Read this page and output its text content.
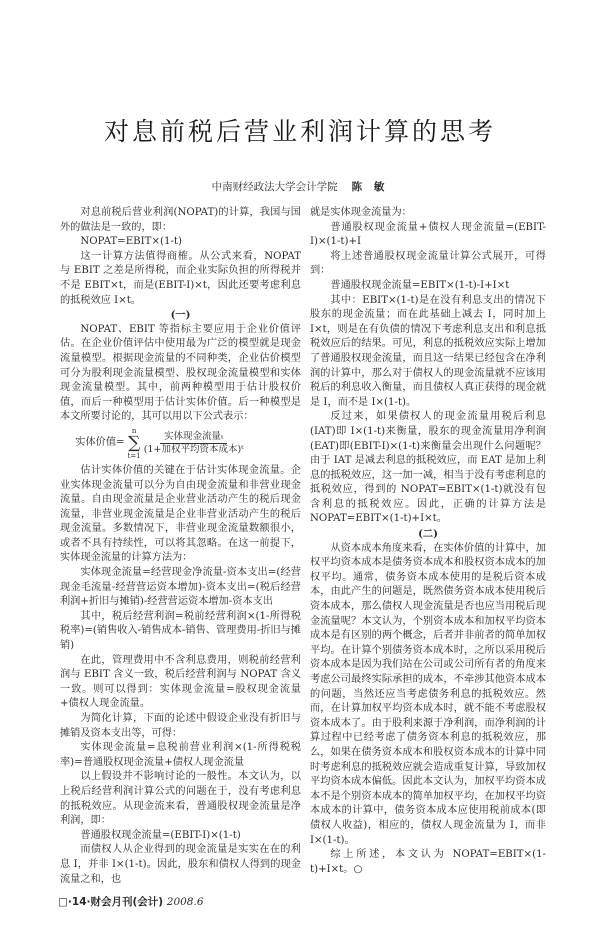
对息前税后营业利润计算的思考
中南财经政法大学会计学院 陈 敏

对息前税后营业利润(NOPAT)的计算，我国与国外的做法是一致的，即：

NOPAT=EBIT×(1-t)

这一计算方法值得商榷。从公式来看，NOPAT 与 EBIT 之差是所得税，而企业实际负担的所得税并不是 EBIT×t，而是(EBIT-I)×t，因此还要考虑利息的抵税效应 I×t。

(一)

NOPAT、EBIT 等指标主要应用于企业价值评估。在企业价值评估中使用最为广泛的模型就是现金流量模型。根据现金流量的不同种类，企业估价模型可分为股利现金流量模型、股权现金流量模型和实体现金流量模型。其中，前两种模型用于估计股权价值，而后一种模型用于估计实体价值。后一种模型是本文所要讨论的，其可以用以下公式表示：

实体价值=
n
∑
$t=1 \frac{\text{实体现金流量ₜ}}{\text{(1+加权平均资本成本)ᵗ}}$

估计实体价值的关键在于估计实体现金流量。企业实体现金流量可以分为自由现金流量和非营业现金流量。自由现金流量是企业营业活动产生的税后现金流量，非营业现金流量是企业非营业活动产生的税后现金流量。多数情况下，非营业现金流量数额很小，或者不具有持续性，可以将其忽略。在这一前提下，实体现金流量的计算方法为：

实体现金流量=经营现金净流量-资本支出=(经营现金毛流量-经营营运资本增加)-资本支出=(税后经营利润+折旧与摊销)-经营营运资本增加-资本支出

其中，税后经营利润=税前经营利润×(1-所得税税率)=(销售收入-销售成本-销售、管理费用-折旧与摊销)

在此，管理费用中不含利息费用，则税前经营利润与 EBIT 含义一致，税后经营利润与 NOPAT 含义一致。则可以得到：实体现金流量=股权现金流量+债权人现金流量。

为简化计算，下面的论述中假设企业没有折旧与摊销及资本支出等，可得：

实体现金流量=息税前营业利润×(1-所得税税率)=普通股权现金流量+债权人现金流量

以上假设并不影响讨论的一般性。本文认为，以上税后经营利润计算公式的问题在于，没有考虑利息的抵税效应。从现金流来看，普通股权现金流量是净利润，即：

普通股权现金流量=(EBIT-I)×(1-t)

而债权人从企业得到的现金流量是实实在在的利息 I，并非 I×(1-t)。因此，股东和债权人得到的现金流量之和，也

就是实体现金流量为：

普通股权现金流量+债权人现金流量=(EBIT-I)×(1-t)+I

将上述普通股权现金流量计算公式展开，可得到：

普通股权现金流量=EBIT×(1-t)-I+I×t

其中：EBIT×(1-t)是在没有利息支出的情况下股东的现金流量；而在此基础上减去 I，同时加上 I×t，则是在有负债的情况下考虑利息支出和利息抵税效应后的结果。可见，利息的抵税效应实际上增加了普通股权现金流量，而且这一结果已经包含在净利润的计算中，那么对于债权人的现金流量就不应该用税后的利息收入衡量，而且债权人真正获得的现金就是 I，而不是 I×(1-t)。

反过来，如果债权人的现金流量用税后利息(IAT)即 I×(1-t)来衡量，股东的现金流量用净利润(EAT)即(EBIT-I)×(1-t)来衡量会出现什么问题呢？由于 IAT 是减去利息的抵税效应，而 EAT 是加上利息的抵税效应，这一加一减，相当于没有考虑利息的抵税效应，得到的 NOPAT=EBIT×(1-t)就没有包含利息的抵税效应。因此，正确的计算方法是 NOPAT=EBIT×(1-t)+I×t。

(二)

从资本成本角度来看，在实体价值的计算中，加权平均资本成本是债务资本成本和股权资本成本的加权平均。通常，债务资本成本使用的是税后资本成本，由此产生的问题是，既然债务资本成本使用税后资本成本，那么债权人现金流量是否也应当用税后现金流量呢？本文认为，个别资本成本和加权平均资本成本是有区别的两个概念，后者并非前者的简单加权平均。在计算个别债务资本成本时，之所以采用税后资本成本是因为我们站在公司或公司所有者的角度来考虑公司最终实际承担的成本，不牵涉其他资本成本的问题，当然还应当考虑债务利息的抵税效应。然而，在计算加权平均资本成本时，就不能不考虑股权资本成本了。由于股利来源于净利润，而净利润的计算过程中已经考虑了债务资本利息的抵税效应，那么，如果在债务资本成本和股权资本成本的计算中同时考虑利息的抵税效应就会造成重复计算，导致加权平均资本成本偏低。因此本文认为，加权平均资本成本不是个别资本成本的简单加权平均，在加权平均资本成本的计算中，债务资本成本应使用税前成本(即债权人收益)，相应的，债权人现金流量为 I，而非 I×(1-t)。

综上所述，本文认为 NOPAT=EBIT×(1-t)+I×t。○

□·14·财会月刊(会计) 2008.6
